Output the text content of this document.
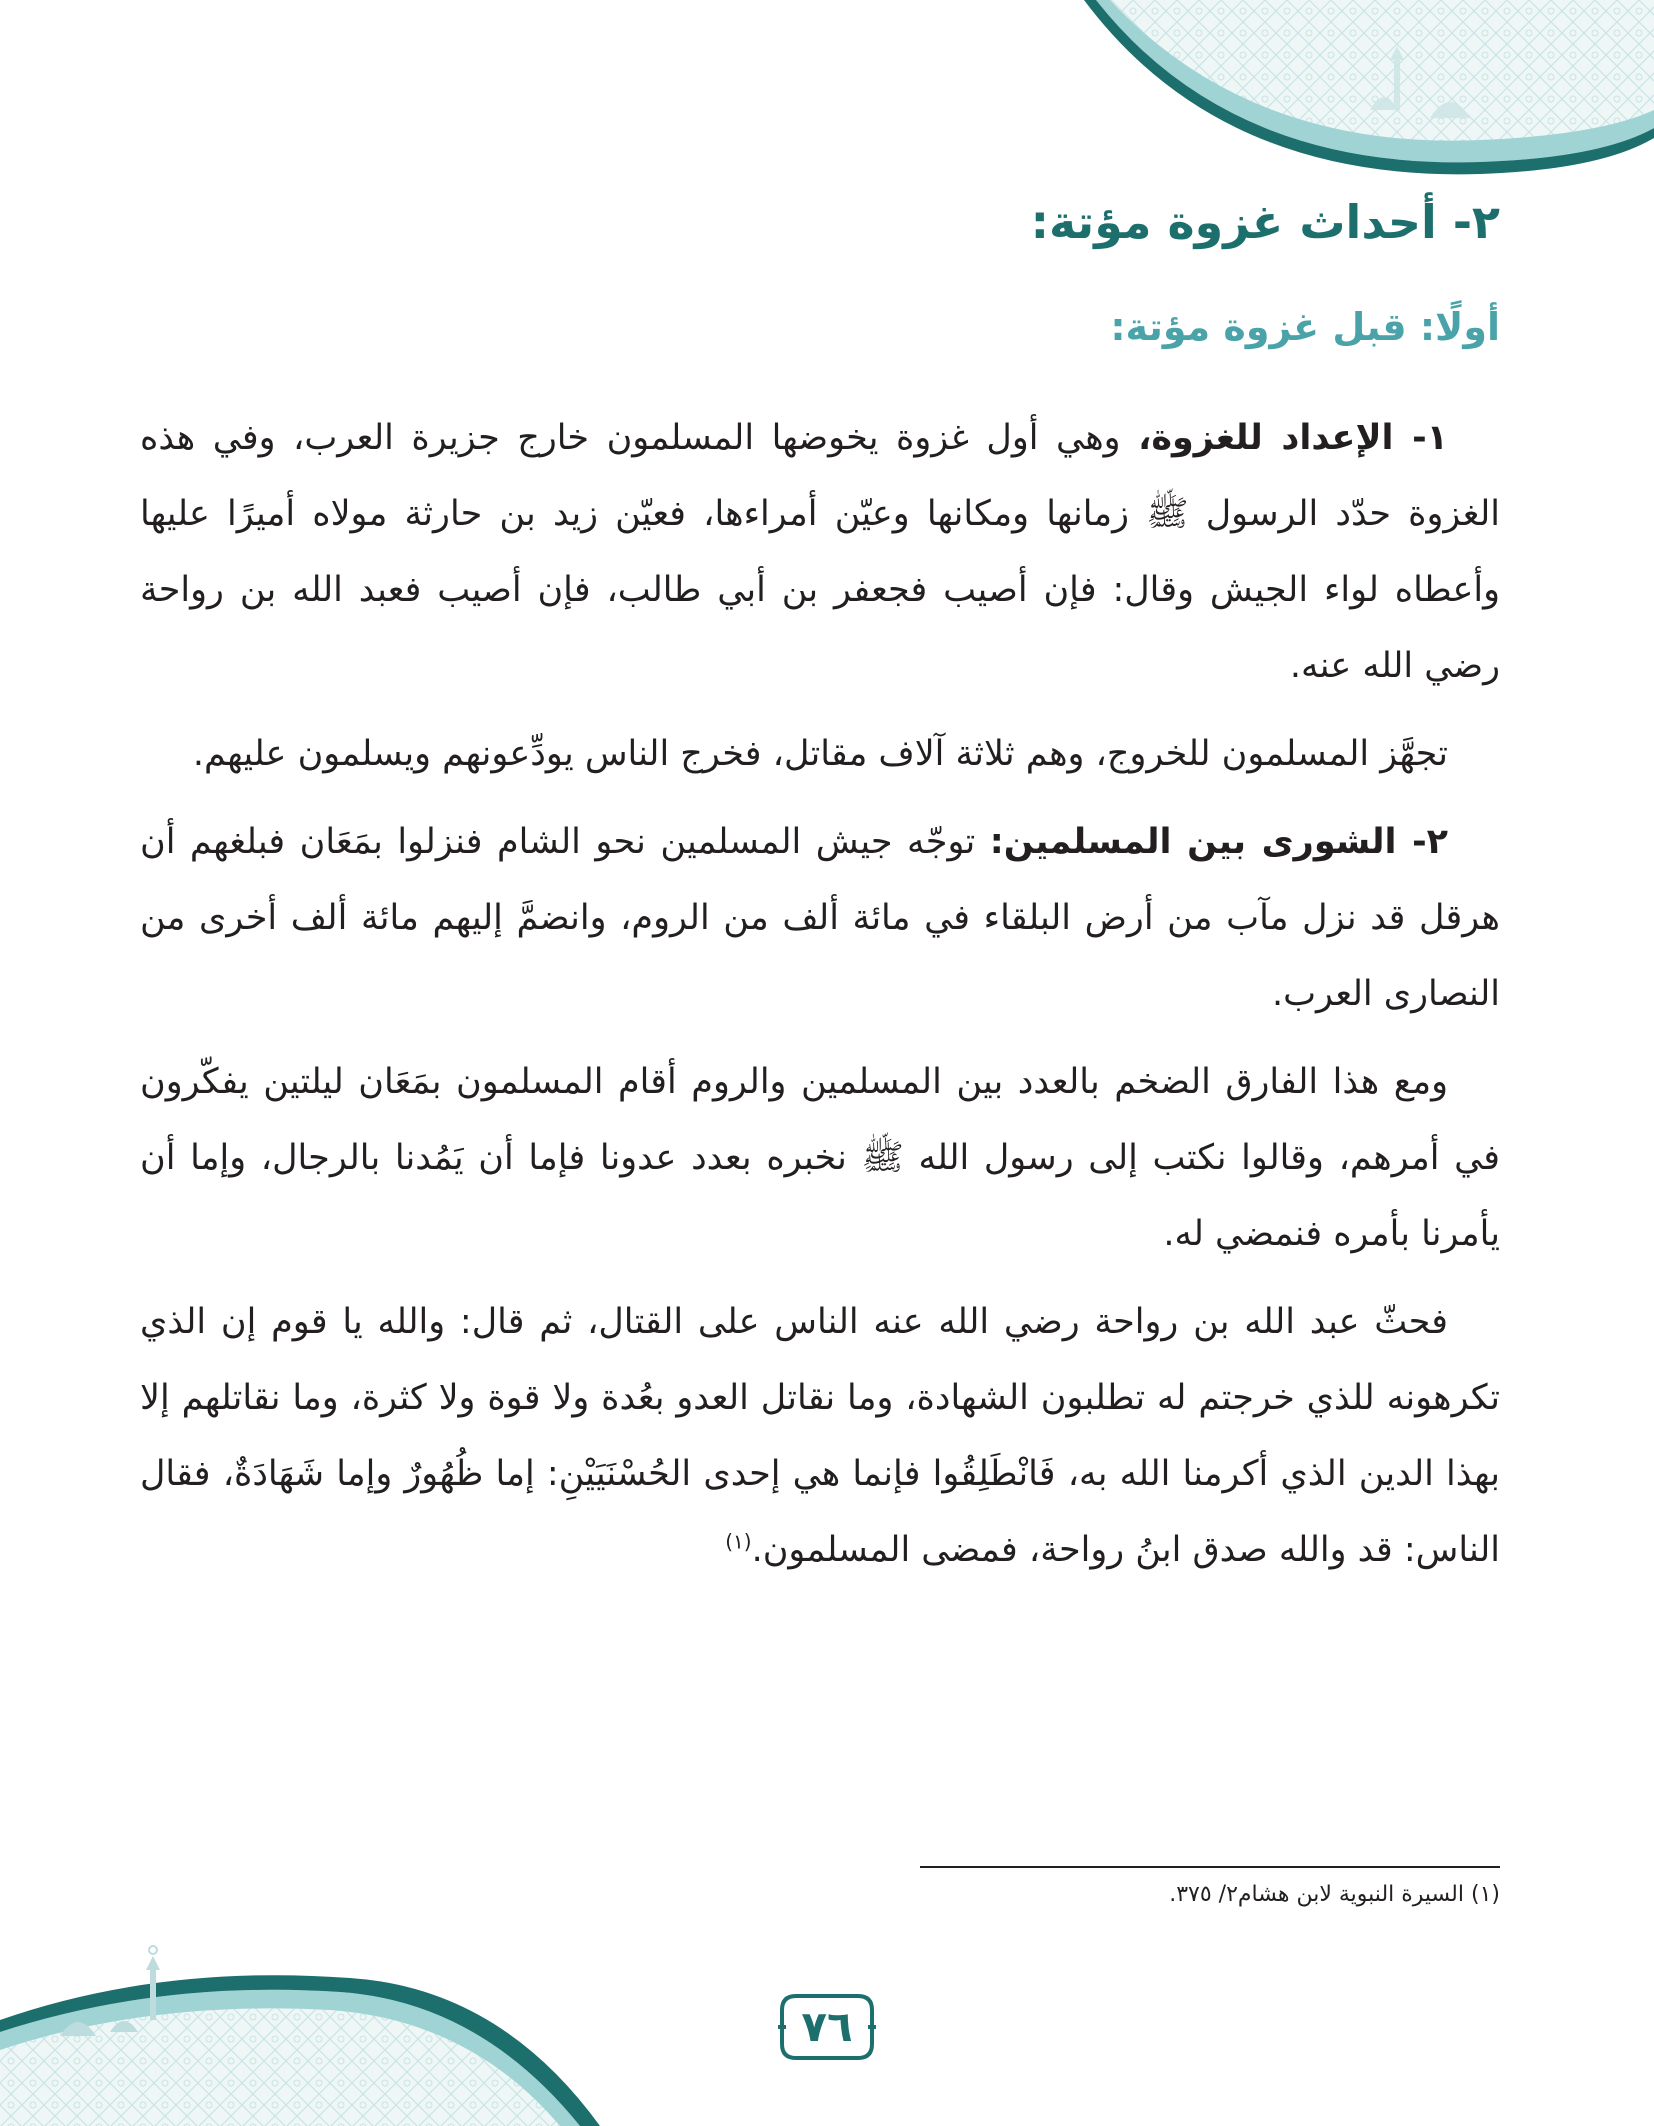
٢- أحداث غزوة مؤتة:
أولًا: قبل غزوة مؤتة:

١- الإعداد للغزوة، وهي أول غزوة يخوضها المسلمون خارج جزيرة العرب، وفي هذه الغزوة حدّد الرسول ﷺ زمانها ومكانها وعيّن أمراءها، فعيّن زيد بن حارثة مولاه أميرًا عليها وأعطاه لواء الجيش وقال: فإن أصيب فجعفر بن أبي طالب، فإن أصيب فعبد الله بن رواحة رضي الله عنه.

تجهَّز المسلمون للخروج، وهم ثلاثة آلاف مقاتل، فخرج الناس يودِّعونهم ويسلمون عليهم.

٢- الشورى بين المسلمين: توجّه جيش المسلمين نحو الشام فنزلوا بمَعَان فبلغهم أن هرقل قد نزل مآب من أرض البلقاء في مائة ألف من الروم، وانضمَّ إليهم مائة ألف أخرى من النصارى العرب.

ومع هذا الفارق الضخم بالعدد بين المسلمين والروم أقام المسلمون بمَعَان ليلتين يفكّرون في أمرهم، وقالوا نكتب إلى رسول الله ﷺ نخبره بعدد عدونا فإما أن يَمُدنا بالرجال، وإما أن يأمرنا بأمره فنمضي له.

فحثّ عبد الله بن رواحة رضي الله عنه الناس على القتال، ثم قال: والله يا قوم إن الذي تكرهونه للذي خرجتم له تطلبون الشهادة، وما نقاتل العدو بعُدة ولا قوة ولا كثرة، وما نقاتلهم إلا بهذا الدين الذي أكرمنا الله به، فَانْطَلِقُوا فإنما هي إحدى الحُسْنَيَيْنِ: إما ظُهُورٌ وإما شَهَادَةٌ، فقال الناس: قد والله صدق ابنُ رواحة، فمضى المسلمون.$^{(١)}$

(١) السيرة النبوية لابن هشام٢/ ٣٧٥.

٧٦
